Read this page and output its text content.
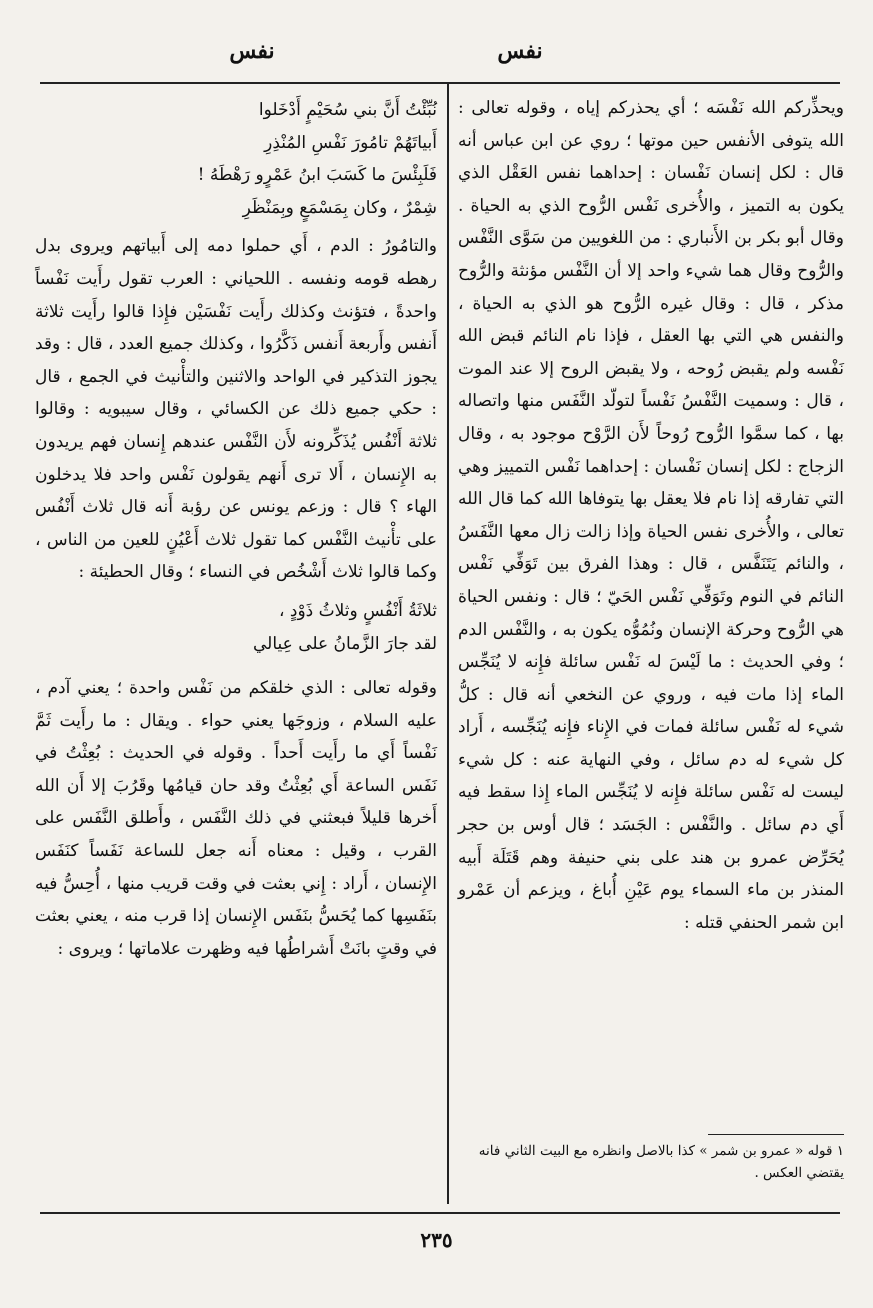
نفس
نفس

ويحذِّركم الله نَفْسَه ؛ أي يحذركم إياه ، وقوله تعالى : الله يتوفى الأنفس حين موتها ؛ روي عن ابن عباس أنه قال : لكل إنسان نَفْسان : إحداهما نفس العَقْل الذي يكون به التميز ، والأُخرى نَفْس الرُّوح الذي به الحياة . وقال أبو بكر بن الأَنباري : من اللغويين من سَوَّى النَّفْس والرُّوح وقال هما شيء واحد إلا أن النَّفْس مؤنثة والرُّوح مذكر ، قال : وقال غيره الرُّوح هو الذي به الحياة ، والنفس هي التي بها العقل ، فإذا نام النائم قبض الله نَفْسه ولم يقبض رُوحه ، ولا يقبض الروح إلا عند الموت ، قال : وسميت النَّفْسُ نَفْساً لتولّد النَّفَس منها واتصاله بها ، كما سمَّوا الرُّوح رُوحاً لأَن الرَّوْح موجود به ، وقال الزجاج : لكل إنسان نَفْسان : إحداهما نَفْس التمييز وهي التي تفارقه إذا نام فلا يعقل بها يتوفاها الله كما قال الله تعالى ، والأُخرى نفس الحياة وإذا زالت زال معها النَّفَسُ ، والنائم يَتَنَفَّس ، قال : وهذا الفرق بين تَوَفِّي نَفْس النائم في النوم وتَوَفِّي نَفْس الحَيّ ؛ قال : ونفس الحياة هي الرُّوح وحركة الإنسان ونُمُوُّه يكون به ، والنَّفْس الدم ؛ وفي الحديث : ما لَيْسَ له نَفْس سائلة فإِنه لا يُنَجِّس الماء إذا مات فيه ، وروي عن النخعي أنه قال : كلُّ شيء له نَفْس سائلة فمات في الإِناء فإِنه يُنَجِّسه ، أَراد كل شيء له دم سائل ، وفي النهاية عنه : كل شيء ليست له نَفْس سائلة فإِنه لا يُنَجِّس الماء إِذا سقط فيه أَي دم سائل . والنَّفْس : الجَسَد ؛ قال أوس بن حجر يُحَرِّض عمرو بن هند على بني حنيفة وهم قَتَلَة أَبيه المنذر بن ماء السماء يوم عَيْنِ أُباغ ، ويزعم أن عَمْرو ابن شمر الحنفي قتله :

نُبِّئْتُ أَنَّ بني سُحَيْمٍ أَدْخَلوا

أَبياتَهُمْ تامُورَ نَفْسِ المُنْذِرِ

فَلَبِئْسَ ما كَسَبَ ابنُ عَمْرٍو رَهْطَهُ !

شِمْرٌ ، وكان بِمَسْمَعٍ وبِمَنْظَرِ

والتامُورُ : الدم ، أَي حملوا دمه إلى أَبياتهم ويروى بدل رهطه قومه ونفسه . اللحياني : العرب تقول رأَيت نَفْساً واحدةً ، فتؤنث وكذلك رأَيت نَفْسَيْن فإِذا قالوا رأَيت ثلاثة أَنفس وأَربعة أَنفس ذَكَّرُوا ، وكذلك جميع العدد ، قال : وقد يجوز التذكير في الواحد والاثنين والتأْنيث في الجمع ، قال : حكي جميع ذلك عن الكسائي ، وقال سيبويه : وقالوا ثلاثة أَنْفُس يُذَكِّرونه لأَن النَّفْس عندهم إِنسان فهم يريدون به الإِنسان ، أَلا ترى أَنهم يقولون نَفْس واحد فلا يدخلون الهاء ؟ قال : وزعم يونس عن رؤبة أَنه قال ثلاث أَنْفُس على تأْنيث النَّفْس كما تقول ثلاث أَعْيُنٍ للعين من الناس ، وكما قالوا ثلاث أَشْخُص في النساء ؛ وقال الحطيئة :

ثلاثَةُ أَنْفُسٍ وثلاثُ ذَوْدٍ ،

لقد جارَ الزَّمانُ على عِيالي

وقوله تعالى : الذي خلقكم من نَفْس واحدة ؛ يعني آدم ، عليه السلام ، وزوجَها يعني حواء . ويقال : ما رأَيت ثَمَّ نَفْساً أَي ما رأَيت أَحداً . وقوله في الحديث : بُعِثْتُ في نَفَس الساعة أَي بُعِثْتُ وقد حان قيامُها وقَرُبَ إلا أَن الله أَخرها قليلاً فبعثني في ذلك النَّفَس ، وأَطلق النَّفَس على القرب ، وقيل : معناه أَنه جعل للساعة نَفَساً كنَفَس الإِنسان ، أَراد : إِني بعثت في وقت قريب منها ، أُحِسُّ فيه بنَفَسِها كما يُحَسُّ بنَفَس الإِنسان إذا قرب منه ، يعني بعثت في وقتٍ بانَتْ أَشراطُها فيه وظهرت علاماتها ؛ ويروى :

١ قوله « عمرو بن شمر » كذا بالاصل وانظره مع البيت الثاني فانه يقتضي العكس .
٢٣٥
